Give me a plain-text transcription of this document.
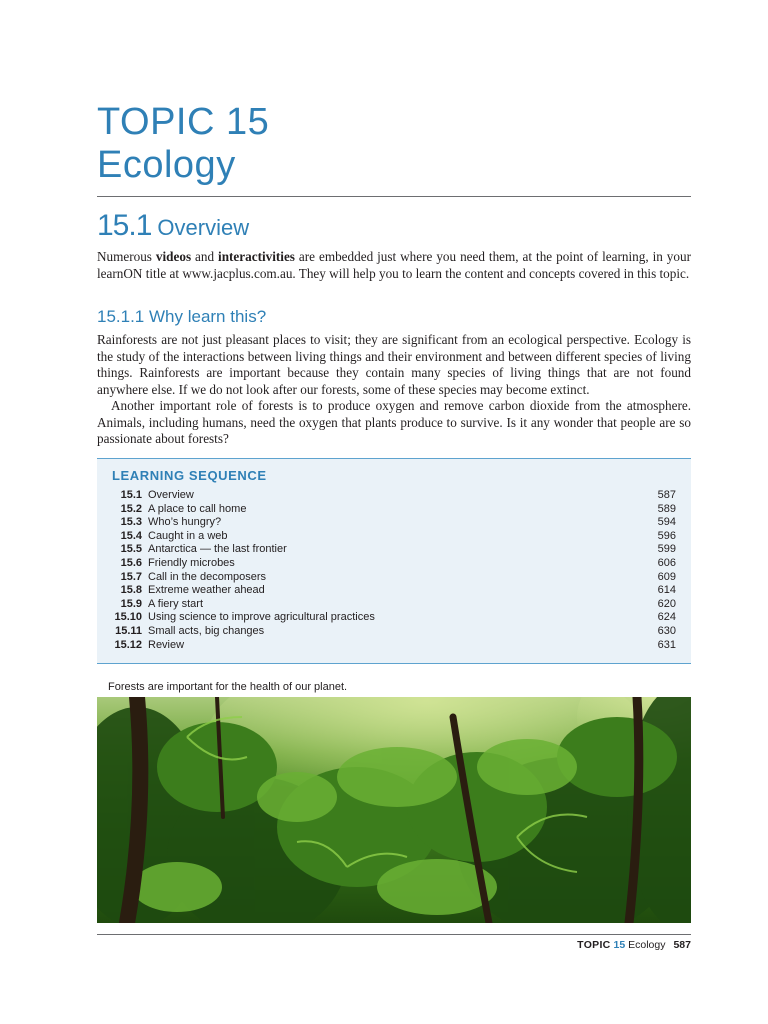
TOPIC 15
Ecology
15.1 Overview

Numerous videos and interactivities are embedded just where you need them, at the point of learning, in your learnON title at www.jacplus.com.au. They will help you to learn the content and concepts covered in this topic.

15.1.1 Why learn this?

Rainforests are not just pleasant places to visit; they are significant from an ecological perspective. Ecology is the study of the interactions between living things and their environment and between different species of living things. Rainforests are important because they contain many species of living things that are not found anywhere else. If we do not look after our forests, some of these species may become extinct.

Another important role of forests is to produce oxygen and remove carbon dioxide from the atmosphere. Animals, including humans, need the oxygen that plants produce to survive. Is it any wonder that people are so passionate about forests?

LEARNING SEQUENCE
15.1 Overview	587
15.2 A place to call home	589
15.3 Who’s hungry?	594
15.4 Caught in a web	596
15.5 Antarctica — the last frontier	599
15.6 Friendly microbes	606
15.7 Call in the decomposers	609
15.8 Extreme weather ahead	614
15.9 A fiery start	620
15.10 Using science to improve agricultural practices	624
15.11 Small acts, big changes	630
15.12 Review	631
Forests are important for the health of our planet.
TOPIC 15 Ecology 587
